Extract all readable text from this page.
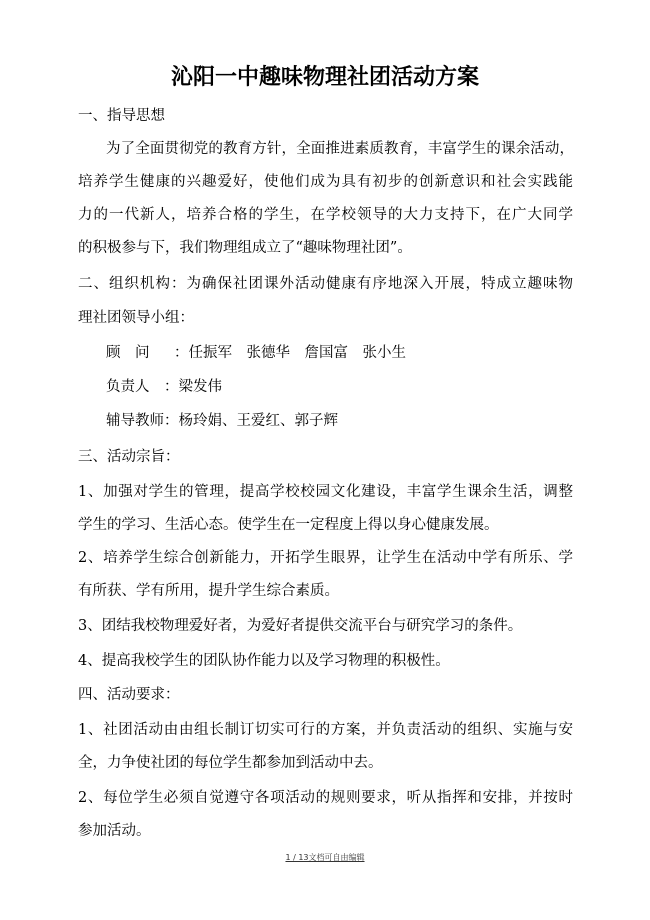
沁阳一中趣味物理社团活动方案
一、指导思想
为了全面贯彻党的教育方针，全面推进素质教育，丰富学生的课余活动，
培养学生健康的兴趣爱好，使他们成为具有初步的创新意识和社会实践能
力的一代新人，培养合格的学生，在学校领导的大力支持下，在广大同学
的积极参与下，我们物理组成立了“趣味物理社团”。
二、组织机构：为确保社团课外活动健康有序地深入开展，特成立趣味物
理社团领导小组：
顾　问 ：任振军　张德华　詹国富　张小生
负责人 ：梁发伟
辅导教师：杨玲娟、王爱红、郭子辉
三、活动宗旨：
1、加强对学生的管理，提高学校校园文化建设，丰富学生课余生活，调整
学生的学习、生活心态。使学生在一定程度上得以身心健康发展。
2、培养学生综合创新能力，开拓学生眼界，让学生在活动中学有所乐、学
有所获、学有所用，提升学生综合素质。
3、团结我校物理爱好者，为爱好者提供交流平台与研究学习的条件。
4、提高我校学生的团队协作能力以及学习物理的积极性。
四、活动要求：
1、社团活动由由组长制订切实可行的方案，并负责活动的组织、实施与安
全，力争使社团的每位学生都参加到活动中去。
2、每位学生必须自觉遵守各项活动的规则要求，听从指挥和安排，并按时
参加活动。
1 / 13文档可自由编辑
